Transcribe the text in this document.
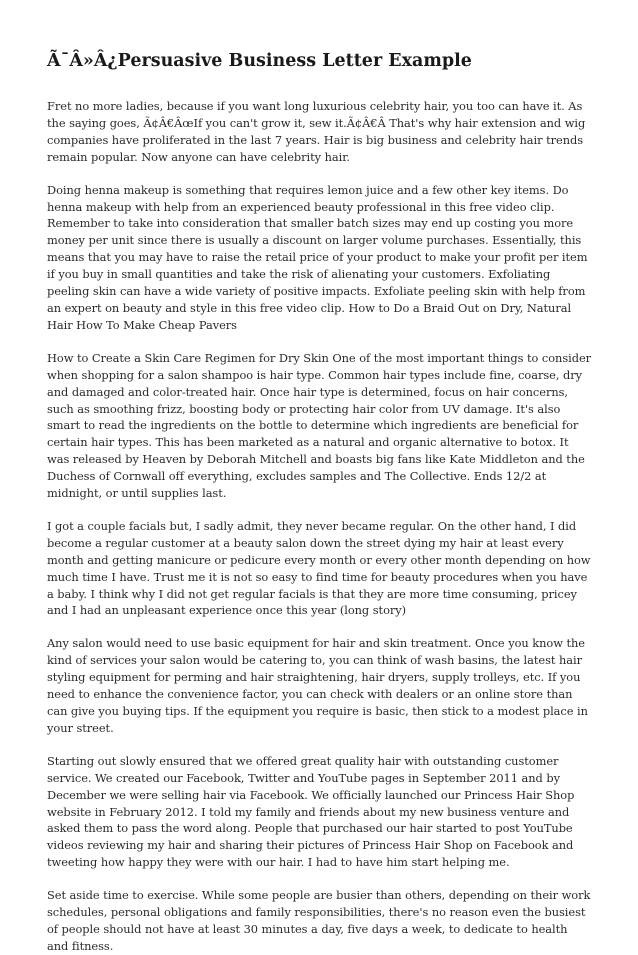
Ã¯Â»Â¿Persuasive Business Letter Example

Fret no more ladies, because if you want long luxurious celebrity hair, you too can have it. As the saying goes, Ã¢Â€ÂœIf you can't grow it, sew it.Ã¢Â€Â That's why hair extension and wig companies have proliferated in the last 7 years. Hair is big business and celebrity hair trends remain popular. Now anyone can have celebrity hair.

Doing henna makeup is something that requires lemon juice and a few other key items. Do henna makeup with help from an experienced beauty professional in this free video clip. Remember to take into consideration that smaller batch sizes may end up costing you more money per unit since there is usually a discount on larger volume purchases. Essentially, this means that you may have to raise the retail price of your product to make your profit per item if you buy in small quantities and take the risk of alienating your customers. Exfoliating peeling skin can have a wide variety of positive impacts. Exfoliate peeling skin with help from an expert on beauty and style in this free video clip. How to Do a Braid Out on Dry, Natural Hair How To Make Cheap Pavers

How to Create a Skin Care Regimen for Dry Skin One of the most important things to consider when shopping for a salon shampoo is hair type. Common hair types include fine, coarse, dry and damaged and color-treated hair. Once hair type is determined, focus on hair concerns, such as smoothing frizz, boosting body or protecting hair color from UV damage. It's also smart to read the ingredients on the bottle to determine which ingredients are beneficial for certain hair types. This has been marketed as a natural and organic alternative to botox. It was released by Heaven by Deborah Mitchell and boasts big fans like Kate Middleton and the Duchess of Cornwall off everything, excludes samples and The Collective. Ends 12/2 at midnight, or until supplies last.

I got a couple facials but, I sadly admit, they never became regular. On the other hand, I did become a regular customer at a beauty salon down the street dying my hair at least every month and getting manicure or pedicure every month or every other month depending on how much time I have. Trust me it is not so easy to find time for beauty procedures when you have a baby. I think why I did not get regular facials is that they are more time consuming, pricey and I had an unpleasant experience once this year (long story)

Any salon would need to use basic equipment for hair and skin treatment. Once you know the kind of services your salon would be catering to, you can think of wash basins, the latest hair styling equipment for perming and hair straightening, hair dryers, supply trolleys, etc. If you need to enhance the convenience factor, you can check with dealers or an online store than can give you buying tips. If the equipment you require is basic, then stick to a modest place in your street.

Starting out slowly ensured that we offered great quality hair with outstanding customer service. We created our Facebook, Twitter and YouTube pages in September 2011 and by December we were selling hair via Facebook. We officially launched our Princess Hair Shop website in February 2012. I told my family and friends about my new business venture and asked them to pass the word along. People that purchased our hair started to post YouTube videos reviewing my hair and sharing their pictures of Princess Hair Shop on Facebook and tweeting how happy they were with our hair. I had to have him start helping me.

Set aside time to exercise. While some people are busier than others, depending on their work schedules, personal obligations and family responsibilities, there's no reason even the busiest of people should not have at least 30 minutes a day, five days a week, to dedicate to health and fitness.
